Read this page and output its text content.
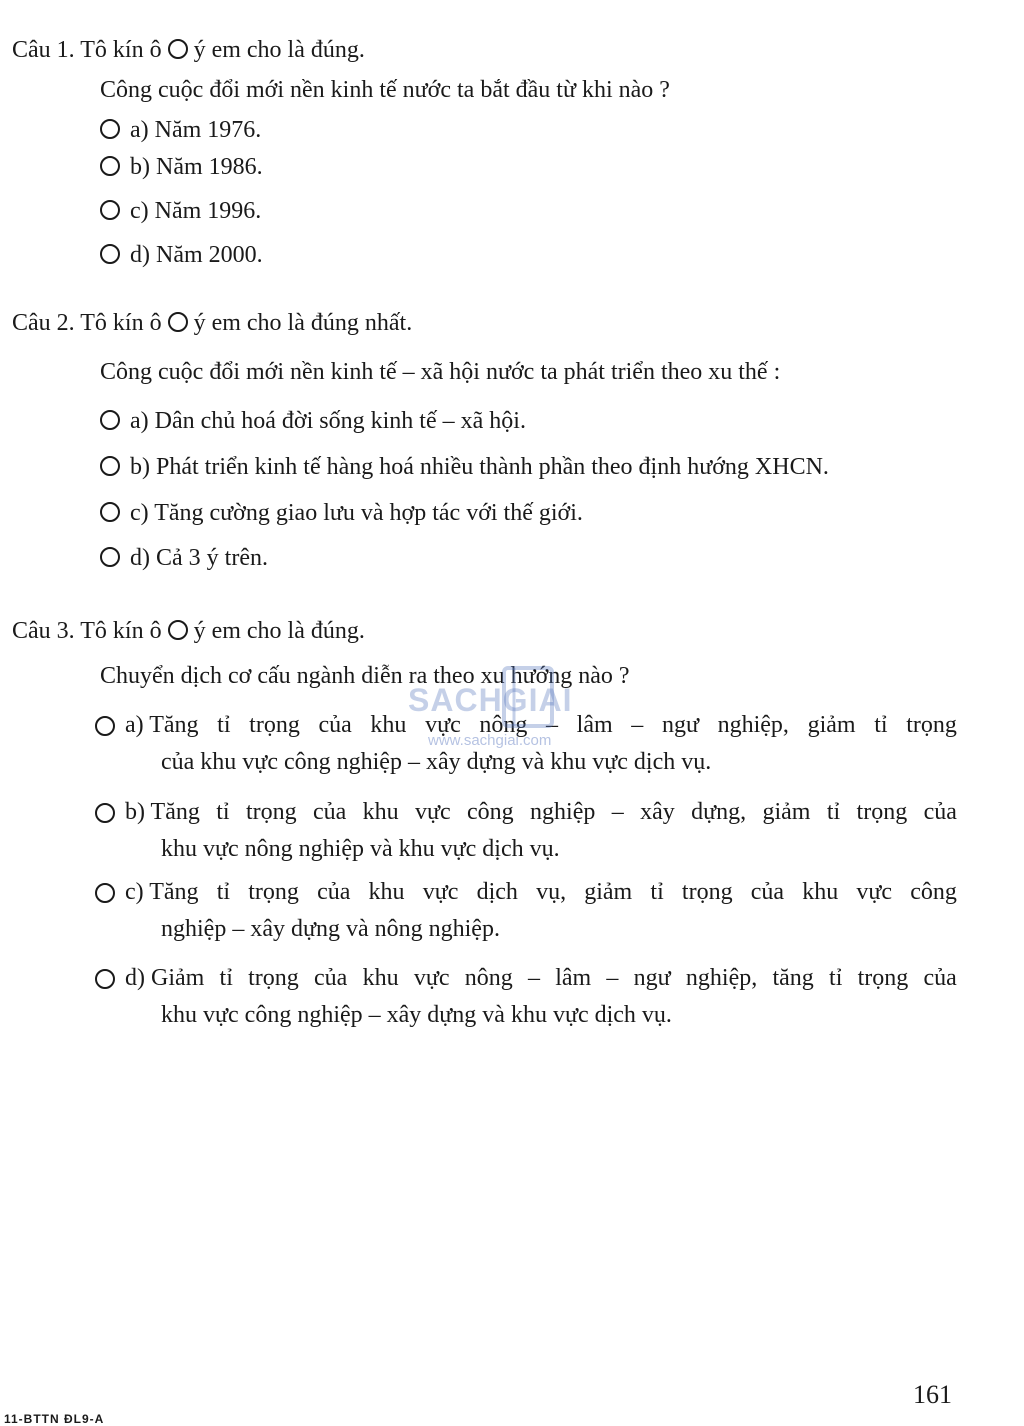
Câu 1. Tô kín ô ý em cho là đúng.
Công cuộc đổi mới nền kinh tế nước ta bắt đầu từ khi nào ?
a) Năm 1976.
b) Năm 1986.
c) Năm 1996.
d) Năm 2000.
Câu 2. Tô kín ô ý em cho là đúng nhất.
Công cuộc đổi mới nền kinh tế – xã hội nước ta phát triển theo xu thế :
a) Dân chủ hoá đời sống kinh tế – xã hội.
b) Phát triển kinh tế hàng hoá nhiều thành phần theo định hướng XHCN.
c) Tăng cường giao lưu và hợp tác với thế giới.
d) Cả 3 ý trên.
Câu 3. Tô kín ô ý em cho là đúng.
Chuyển dịch cơ cấu ngành diễn ra theo xu hướng nào ?
a) Tăng tỉ trọng của khu vực nông – lâm – ngư nghiệp, giảm tỉ trọng
của khu vực công nghiệp – xây dựng và khu vực dịch vụ.
b) Tăng tỉ trọng của khu vực công nghiệp – xây dựng, giảm tỉ trọng của
khu vực nông nghiệp và khu vực dịch vụ.
c) Tăng tỉ trọng của khu vực dịch vụ, giảm tỉ trọng của khu vực công
nghiệp – xây dựng và nông nghiệp.
d) Giảm tỉ trọng của khu vực nông – lâm – ngư nghiệp, tăng tỉ trọng của
khu vực công nghiệp – xây dựng và khu vực dịch vụ.
SACHGIAI
www.sachgiai.com
161
11-BTTN ĐL9-A
